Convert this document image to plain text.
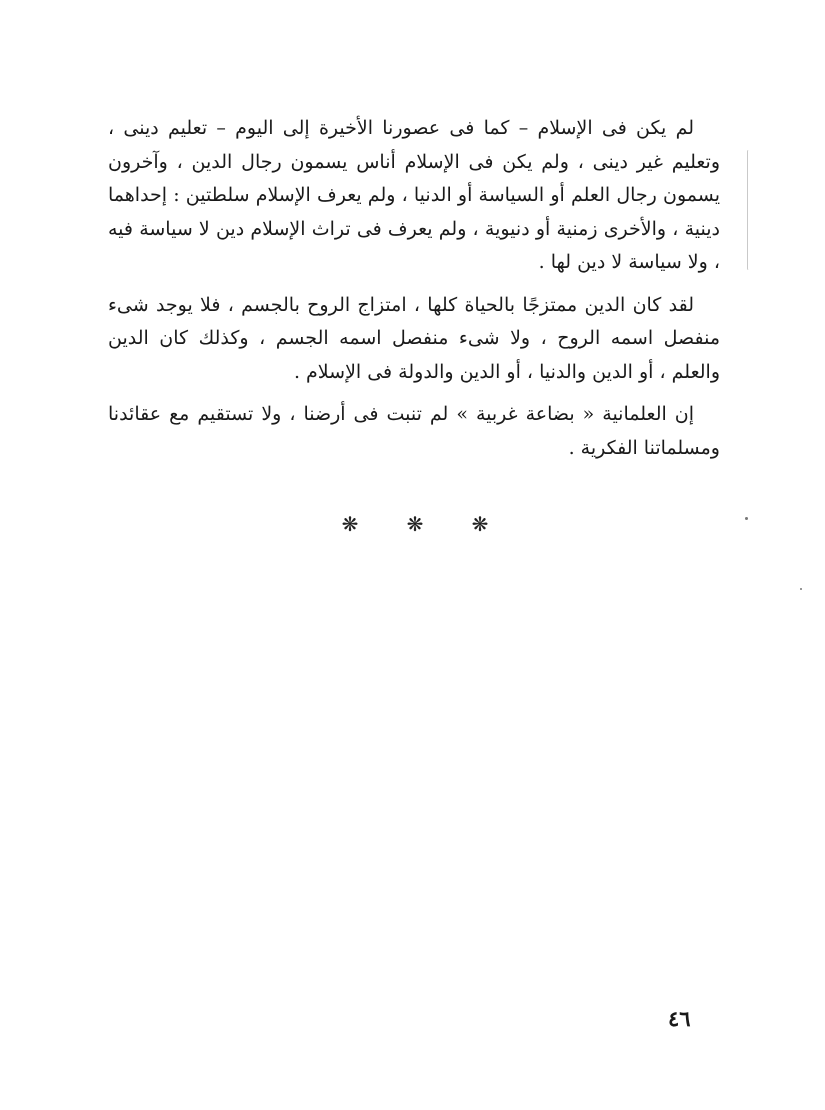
لم يكن فى الإسلام – كما فى عصورنا الأخيرة إلى اليوم – تعليم دينى ، وتعليم غير دينى ، ولم يكن فى الإسلام أناس يسمون رجال الدين ، وآخرون يسمون رجال العلم أو السياسة أو الدنيا ، ولم يعرف الإسلام سلطتين : إحداهما دينية ، والأخرى زمنية أو دنيوية ، ولم يعرف فى تراث الإسلام دين لا سياسة فيه ، ولا سياسة لا دين لها .

لقد كان الدين ممتزجًا بالحياة كلها ، امتزاج الروح بالجسم ، فلا يوجد شىء منفصل اسمه الروح ، ولا شىء منفصل اسمه الجسم ، وكذلك كان الدين والعلم ، أو الدين والدنيا ، أو الدين والدولة فى الإسلام .

إن العلمانية « بضاعة غربية » لم تنبت فى أرضنا ، ولا تستقيم مع عقائدنا ومسلماتنا الفكرية .

❋ ❋ ❋
٤٦
